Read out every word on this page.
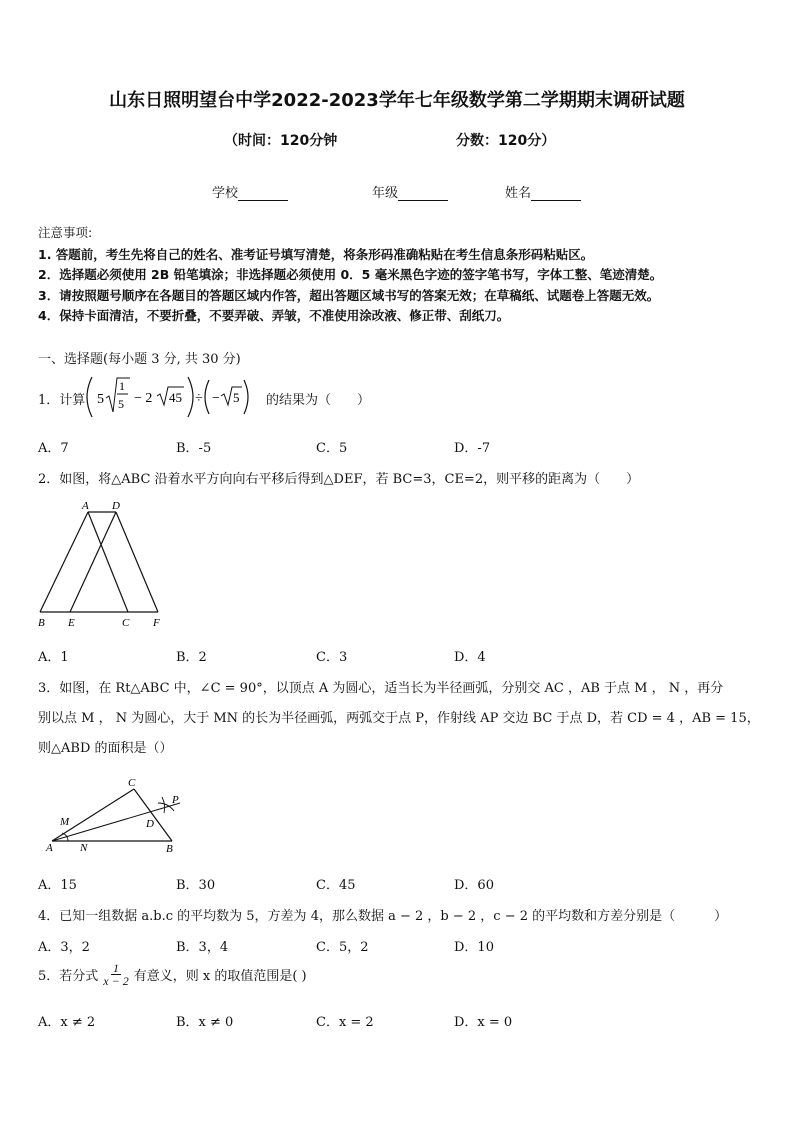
山东日照明望台中学2022-2023学年七年级数学第二学期期末调研试题
（时间：120分钟	分数：120分）
学校	年级	姓名
注意事项:
1. 答题前，考生先将自己的姓名、准考证号填写清楚，将条形码准确粘贴在考生信息条形码粘贴区。
2．选择题必须使用 2B 铅笔填涂；非选择题必须使用 0．5 毫米黑色字迹的签字笔书写，字体工整、笔迹清楚。
3．请按照题号顺序在各题目的答题区域内作答，超出答题区域书写的答案无效；在草稿纸、试题卷上答题无效。
4．保持卡面清洁，不要折叠，不要弄破、弄皱，不准使用涂改液、修正带、刮纸刀。
一、选择题(每小题 3 分, 共 30 分)
1．计算 5
1
5 − 2 45 ÷ − 5 的结果为（　　）
A．7	B．-5	C．5	D．-7
2．如图，将△ABC 沿着水平方向向右平移后得到△DEF，若 BC=3，CE=2，则平移的距离为（　　）
A D
B E	C F
A．1	B．2	C．3	D．4
3．如图，在 Rt△ABC 中，∠C = 90°，以顶点 A 为圆心，适当长为半径画弧，分别交 AC ，AB 于点 M ， N ，再分
别以点 M ， N 为圆心，大于 MN 的长为半径画弧，两弧交于点 P，作射线 AP 交边 BC 于点 D，若 CD = 4 ，AB = 15，
则△ABD 的面积是（）
C
P
M	D
A N	B
A．15	B．30	C．45	D．60
4．已知一组数据 a.b.c 的平均数为 5，方差为 4，那么数据 a − 2 ，b − 2 ，c − 2 的平均数和方差分别是（　　　）
A．3，2	B．3，4	C．5，2	D．10
5．若分式 $\frac{1}{x - 2}$ 有意义，则 x 的取值范围是( )
A．x ≠ 2	B．x ≠ 0	C．x = 2	D．x = 0
